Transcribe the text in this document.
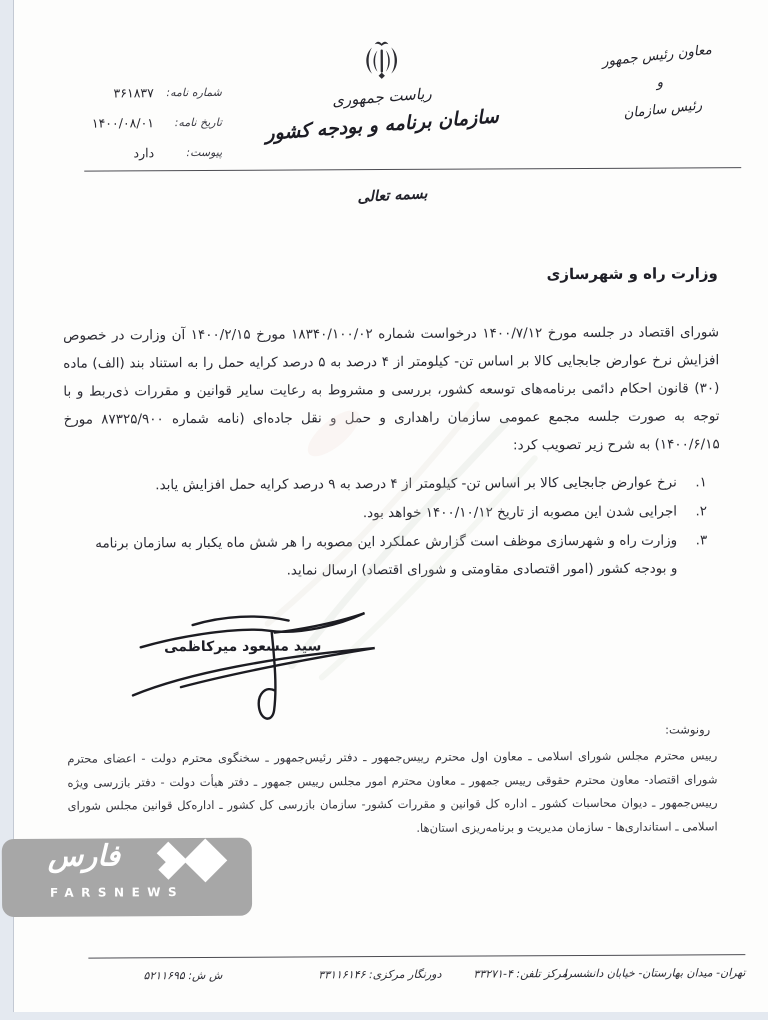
معاون رئیس جمهور
و
رئیس سازمان
ریاست جمهوری
سازمان برنامه و بودجه کشور
شماره نامه:
۳۶۱۸۳۷
تاریخ نامه:
۱۴۰۰/۰۸/۰۱
پیوست:
دارد
بسمه تعالی
وزارت راه و شهرسازی
شورای اقتصاد در جلسه مورخ ۱۴۰۰/۷/۱۲ درخواست شماره ۱۸۳۴۰/۱۰۰/۰۲ مورخ ۱۴۰۰/۲/۱۵ آن وزارت در خصوص افزایش نرخ عوارض جابجایی کالا بر اساس تن- کیلومتر از ۴ درصد به ۵ درصد کرایه حمل را به استناد بند (الف) ماده (۳۰) قانون احکام دائمی برنامه‌های توسعه کشور، بررسی و مشروط به رعایت سایر قوانین و مقررات ذی‌ربط و با توجه به صورت جلسه مجمع عمومی سازمان راهداری و حمل و نقل جاده‌ای (نامه شماره ۸۷۳۲۵/۹۰۰ مورخ ۱۴۰۰/۶/۱۵) به شرح زیر تصویب کرد:
۱.
نرخ عوارض جابجایی کالا بر اساس تن- کیلومتر از ۴ درصد به ۹ درصد کرایه حمل افزایش یابد.
۲.
اجرایی شدن این مصوبه از تاریخ ۱۴۰۰/۱۰/۱۲ خواهد بود.
۳.
وزارت راه و شهرسازی موظف است گزارش عملکرد این مصوبه را هر شش ماه یکبار به سازمان برنامه و بودجه کشور (امور اقتصادی مقاومتی و شورای اقتصاد) ارسال نماید.
سید مسعود میرکاظمی
رونوشت:
رییس محترم مجلس شورای اسلامی ـ معاون اول محترم رییس‌جمهور ـ دفتر رئیس‌جمهور ـ سخنگوی محترم دولت - اعضای محترم شورای اقتصاد- معاون محترم حقوقی رییس جمهور ـ معاون محترم امور مجلس رییس جمهور ـ دفتر هیأت دولت - دفتر بازرسی ویژه رییس‌جمهور ـ دیوان محاسبات کشور ـ اداره کل قوانین و مقررات کشور- سازمان بازرسی کل کشور ـ اداره‌کل قوانین مجلس شورای اسلامی ـ استانداری‌ها - سازمان مدیریت و برنامه‌ریزی استان‌ها.
فارس
FARSNEWS
تهران- میدان بهارستان- خیابان دانشسرا
مرکز تلفن: ۴-۳۳۲۷۱
دورنگار مرکزی: ۳۳۱۱۶۱۴۶
ش ش: ۵۲۱۱۶۹۵
